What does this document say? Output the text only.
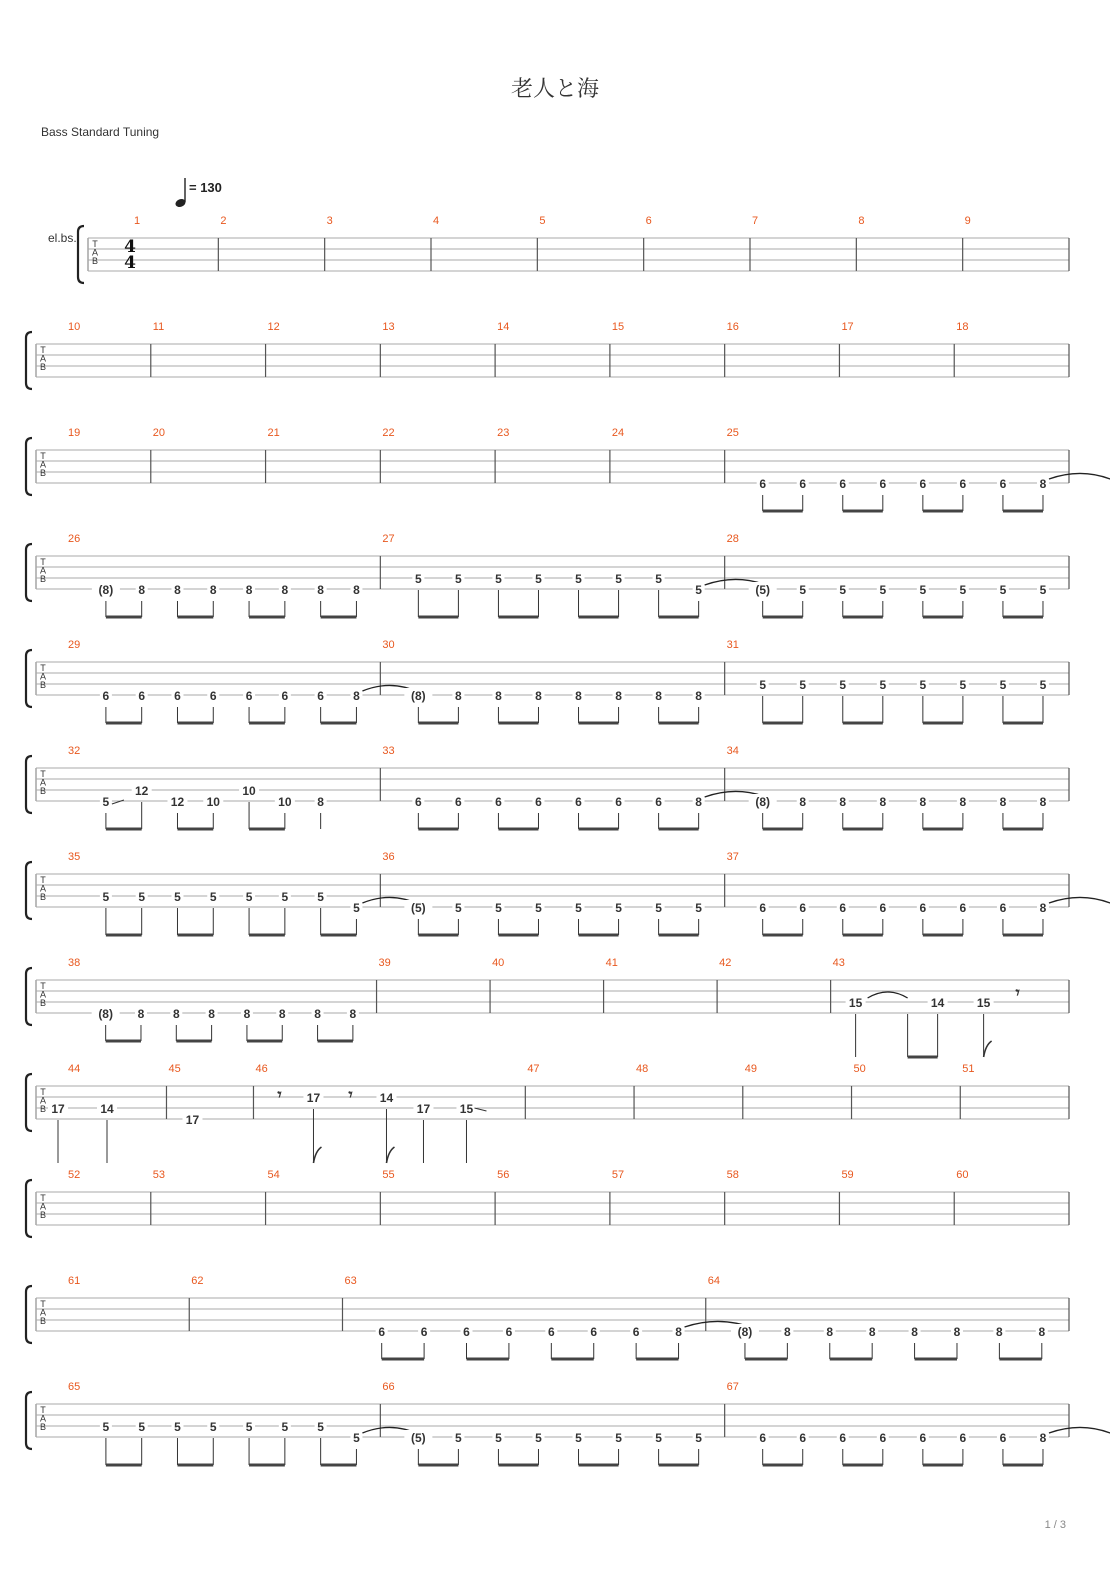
老人と海
Bass Standard Tuning
= 130
el.bs.
1 / 3
T
A
B
4
4
1	2	3	4	5	6	7	8	9
T
A
B
10	11	12	13	14	15	16	17	18
T
A
B
19	20	21	22	23	24	25
6	6	6	6	6	6	6	8
T
A
B
26
(8) 8 8 8 8 8 8 8
27
5	5	5	5	5	5	5
5
28
(5) 5	5	5	5	5	5	5
T
A
B
29
6 6 6 6 6 6 6 8
30
(8) 8	8	8	8	8	8	8
31
5	5	5	5	5	5	5	5
T
A
B
32
5
12
12 10
10
10 8
33
6	6	6	6	6	6	6	8
34
(8) 8	8	8	8	8	8	8
T
A
B
35
5 5 5 5 5 5 5
5
36
(5) 5	5	5	5	5	5	5
37
6	6	6	6	6	6	6	8
T
A
B
38
(8) 8 8 8 8 8 8 8
39	40	41	42	43
15	14	15
𝄾
T
A
B
44
17	14
45
17
46
𝄾	𝄾
17	14
17 15
47	48	49	50	51
T
A
B
52	53	54	55	56	57	58	59	60
T
A
B
61	62	63
6	6	6	6	6	6	6	8
64
(8)	8	8	8	8	8	8	8
T
A
B
65
5 5 5 5 5 5 5
5
66
(5) 5	5	5	5	5	5	5
67
6	6	6	6	6	6	6	8
